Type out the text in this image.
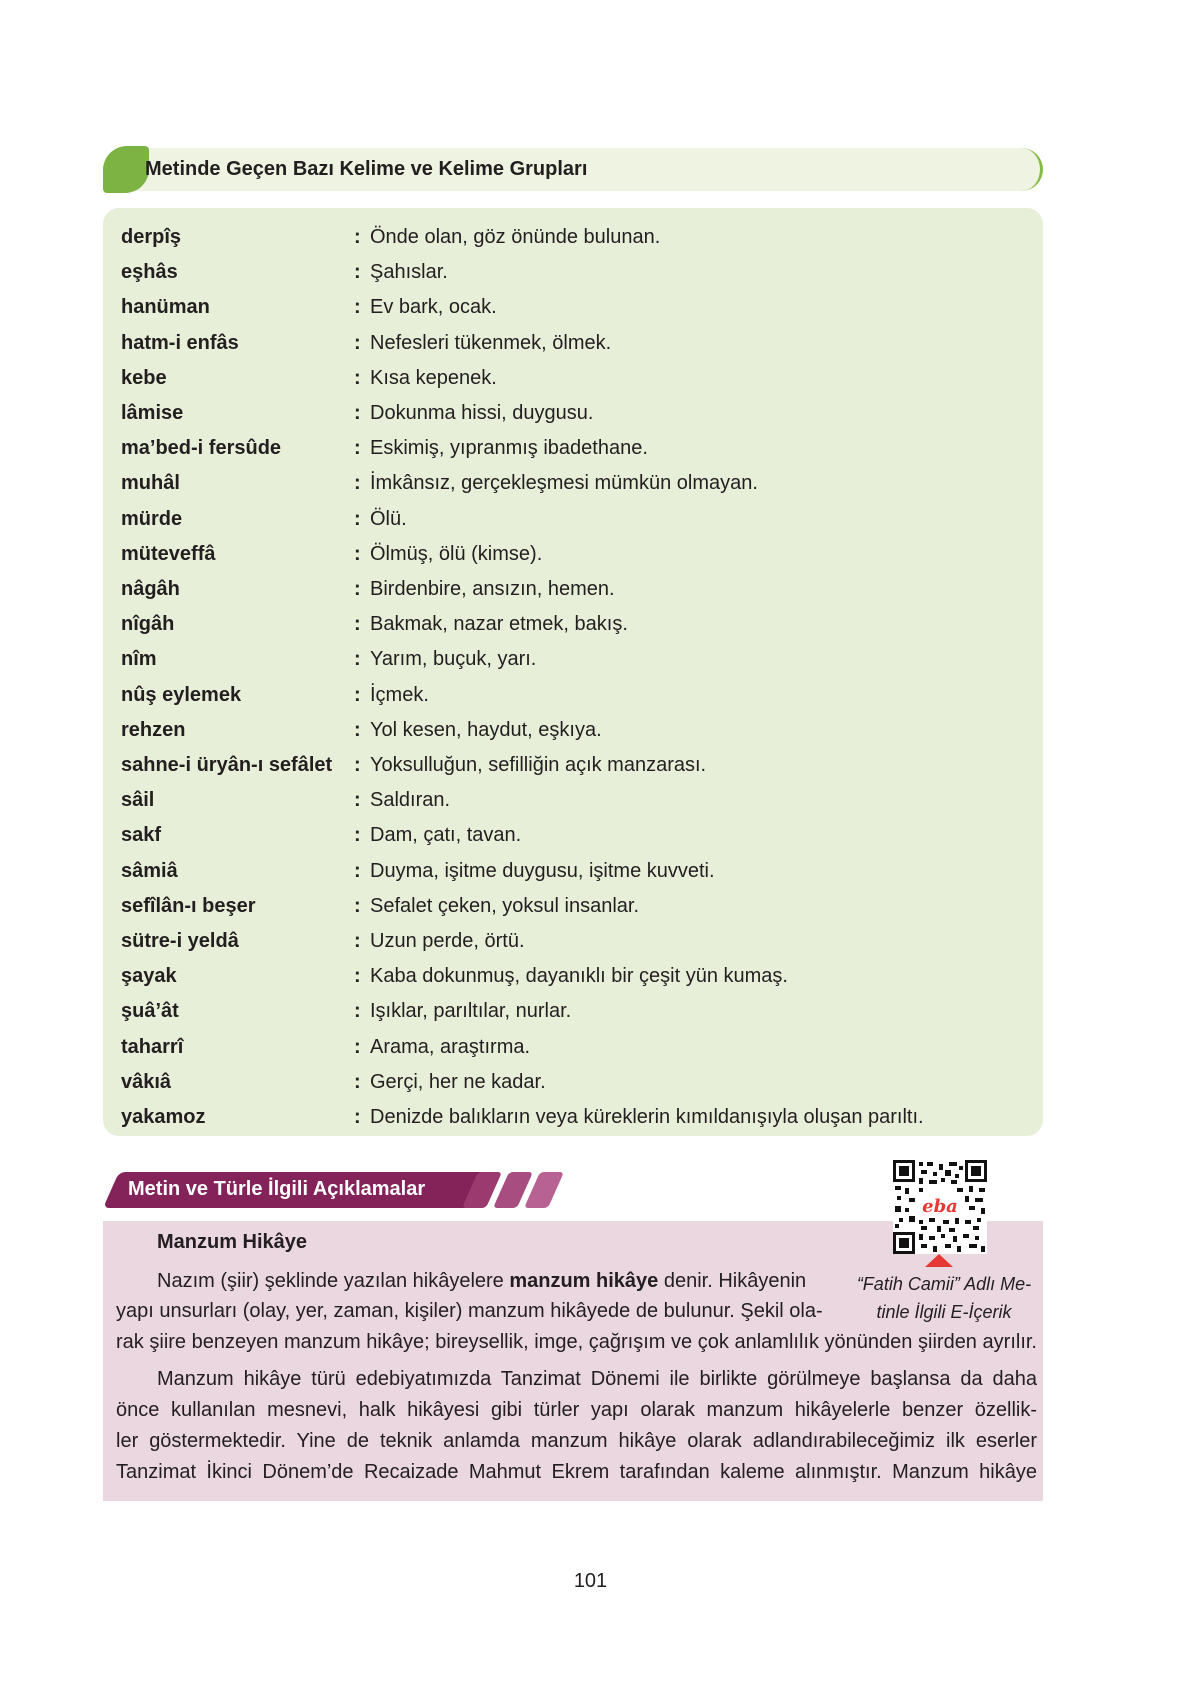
Metinde Geçen Bazı Kelime ve Kelime Grupları
derpîş	: Önde olan, göz önünde bulunan.
eşhâs	: Şahıslar.
hanüman	: Ev bark, ocak.
hatm-i enfâs	: Nefesleri tükenmek, ölmek.
kebe	: Kısa kepenek.
lâmise	: Dokunma hissi, duygusu.
ma’bed-i fersûde	: Eskimiş, yıpranmış ibadethane.
muhâl	: İmkânsız, gerçekleşmesi mümkün olmayan.
mürde	: Ölü.
müteveffâ	: Ölmüş, ölü (kimse).
nâgâh	: Birdenbire, ansızın, hemen.
nîgâh	: Bakmak, nazar etmek, bakış.
nîm	: Yarım, buçuk, yarı.
nûş eylemek	: İçmek.
rehzen	: Yol kesen, haydut, eşkıya.
sahne-i üryân-ı sefâlet	: Yoksulluğun, sefilliğin açık manzarası.
sâil	: Saldıran.
sakf	: Dam, çatı, tavan.
sâmiâ	: Duyma, işitme duygusu, işitme kuvveti.
sefîlân-ı beşer	: Sefalet çeken, yoksul insanlar.
sütre-i yeldâ	: Uzun perde, örtü.
şayak	: Kaba dokunmuş, dayanıklı bir çeşit yün kumaş.
şuâ’ât	: Işıklar, parıltılar, nurlar.
taharrî	: Arama, araştırma.
vâkıâ	: Gerçi, her ne kadar.
yakamoz	: Denizde balıkların veya küreklerin kımıldanışıyla oluşan parıltı.
Metin ve Türle İlgili Açıklamalar
eba
“Fatih Camii” Adlı Me-
tinle İlgili E-İçerik
Manzum Hikâye
Nazım (şiir) şeklinde yazılan hikâyelere manzum hikâye denir. Hikâyenin
yapı unsurları (olay, yer, zaman, kişiler) manzum hikâyede de bulunur. Şekil ola-
rak şiire benzeyen manzum hikâye; bireysellik, imge, çağrışım ve çok anlamlılık yönünden şiirden ayrılır.
Manzum hikâye türü edebiyatımızda Tanzimat Dönemi ile birlikte görülmeye başlansa da daha
önce kullanılan mesnevi, halk hikâyesi gibi türler yapı olarak manzum hikâyelerle benzer özellik-
ler göstermektedir. Yine de teknik anlamda manzum hikâye olarak adlandırabileceğimiz ilk eserler
Tanzimat İkinci Dönem’de Recaizade Mahmut Ekrem tarafından kaleme alınmıştır. Manzum hikâye
101
